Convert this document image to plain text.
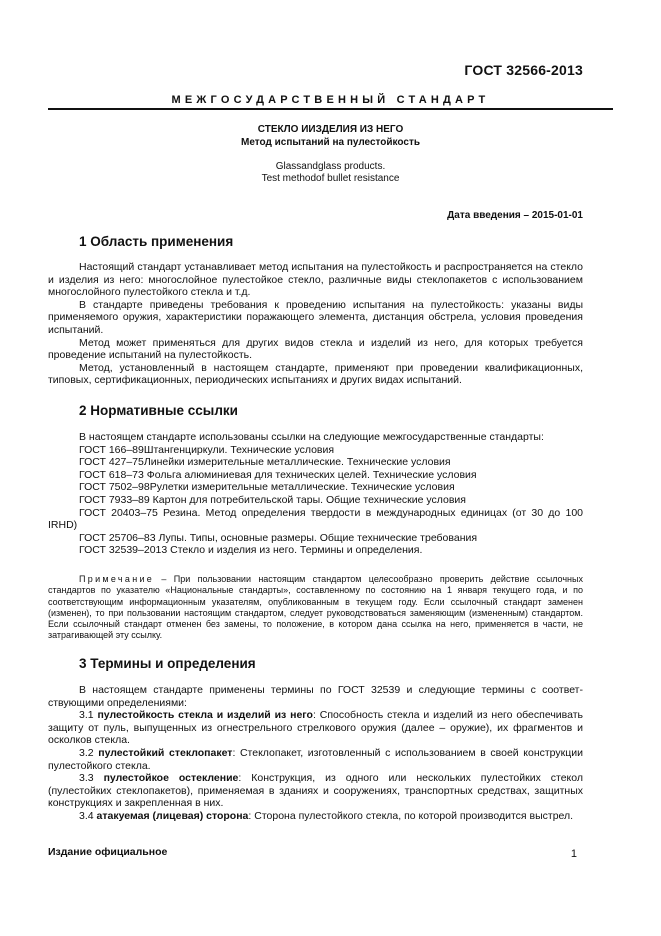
ГОСТ 32566-2013
МЕЖГОСУДАРСТВЕННЫЙ СТАНДАРТ
СТЕКЛО ИИЗДЕЛИЯ ИЗ НЕГО
Метод испытаний на пулестойкость
Glassandglass products.
Test methodof bullet resistance
Дата введения – 2015-01-01
1 Область применения

Настоящий стандарт устанавливает метод испытания на пулестойкость и распространяется на стекло и изделия из него: многослойное пулестойкое стекло, различные виды стеклопакетов с использованием многослойного пулестойкого стекла и т.д.

В стандарте приведены требования к проведению испытания на пулестойкость: указаны виды применяемого оружия, характеристики поражающего элемента, дистанция обстрела, условия проведения испытаний.

Метод может применяться для других видов стекла и изделий из него, для которых требуется проведение испытаний на пулестойкость.

Метод, установленный в настоящем стандарте, применяют при проведении квалификационных, типовых, сертификационных, периодических испытаниях и других видах испытаний.

2 Нормативные ссылки

В настоящем стандарте использованы ссылки на следующие межгосударственные стандарты:

ГОСТ 166–89Штангенциркули. Технические условия

ГОСТ 427–75Линейки измерительные металлические. Технические условия

ГОСТ 618–73 Фольга алюминиевая для технических целей. Технические условия

ГОСТ 7502–98Рулетки измерительные металлические. Технические условия

ГОСТ 7933–89 Картон для потребительской тары. Общие технические условия

ГОСТ 20403–75 Резина. Метод определения твердости в международных единицах (от 30 до 100 IRHD)

ГОСТ 25706–83 Лупы. Типы, основные размеры. Общие технические требования

ГОСТ 32539–2013 Стекло и изделия из него. Термины и определения.

Примечание – При пользовании настоящим стандартом целесообразно проверить действие ссылочных стандартов по указателю «Национальные стандарты», составленному по состоянию на 1 января текущего года, и по соответствующим информационным указателям, опубликованным в текущем году. Если ссылочный стандарт заменен (изменен), то при пользовании настоящим стандартом, следует руководствоваться заменяющим (измененным) стандартом. Если ссылочный стандарт отменен без замены, то положение, в котором дана ссылка на него, применяется в части, не затрагивающей эту ссылку.

3 Термины и определения

В настоящем стандарте применены термины по ГОСТ 32539 и следующие термины с соответствующими определениями:

3.1 пулестойкость стекла и изделий из него: Способность стекла и изделий из него обеспечивать защиту от пуль, выпущенных из огнестрельного стрелкового оружия (далее – оружие), их фрагментов и осколков стекла.

3.2 пулестойкий стеклопакет: Стеклопакет, изготовленный с использованием в своей конструкции пулестойкого стекла.

3.3 пулестойкое остекление: Конструкция, из одного или нескольких пулестойких стекол (пулестойких стеклопакетов), применяемая в зданиях и сооружениях, транспортных средствах, защитных конструкциях и закрепленная в них.

3.4 атакуемая (лицевая) сторона: Сторона пулестойкого стекла, по которой производится выстрел.

Издание официальное	1
